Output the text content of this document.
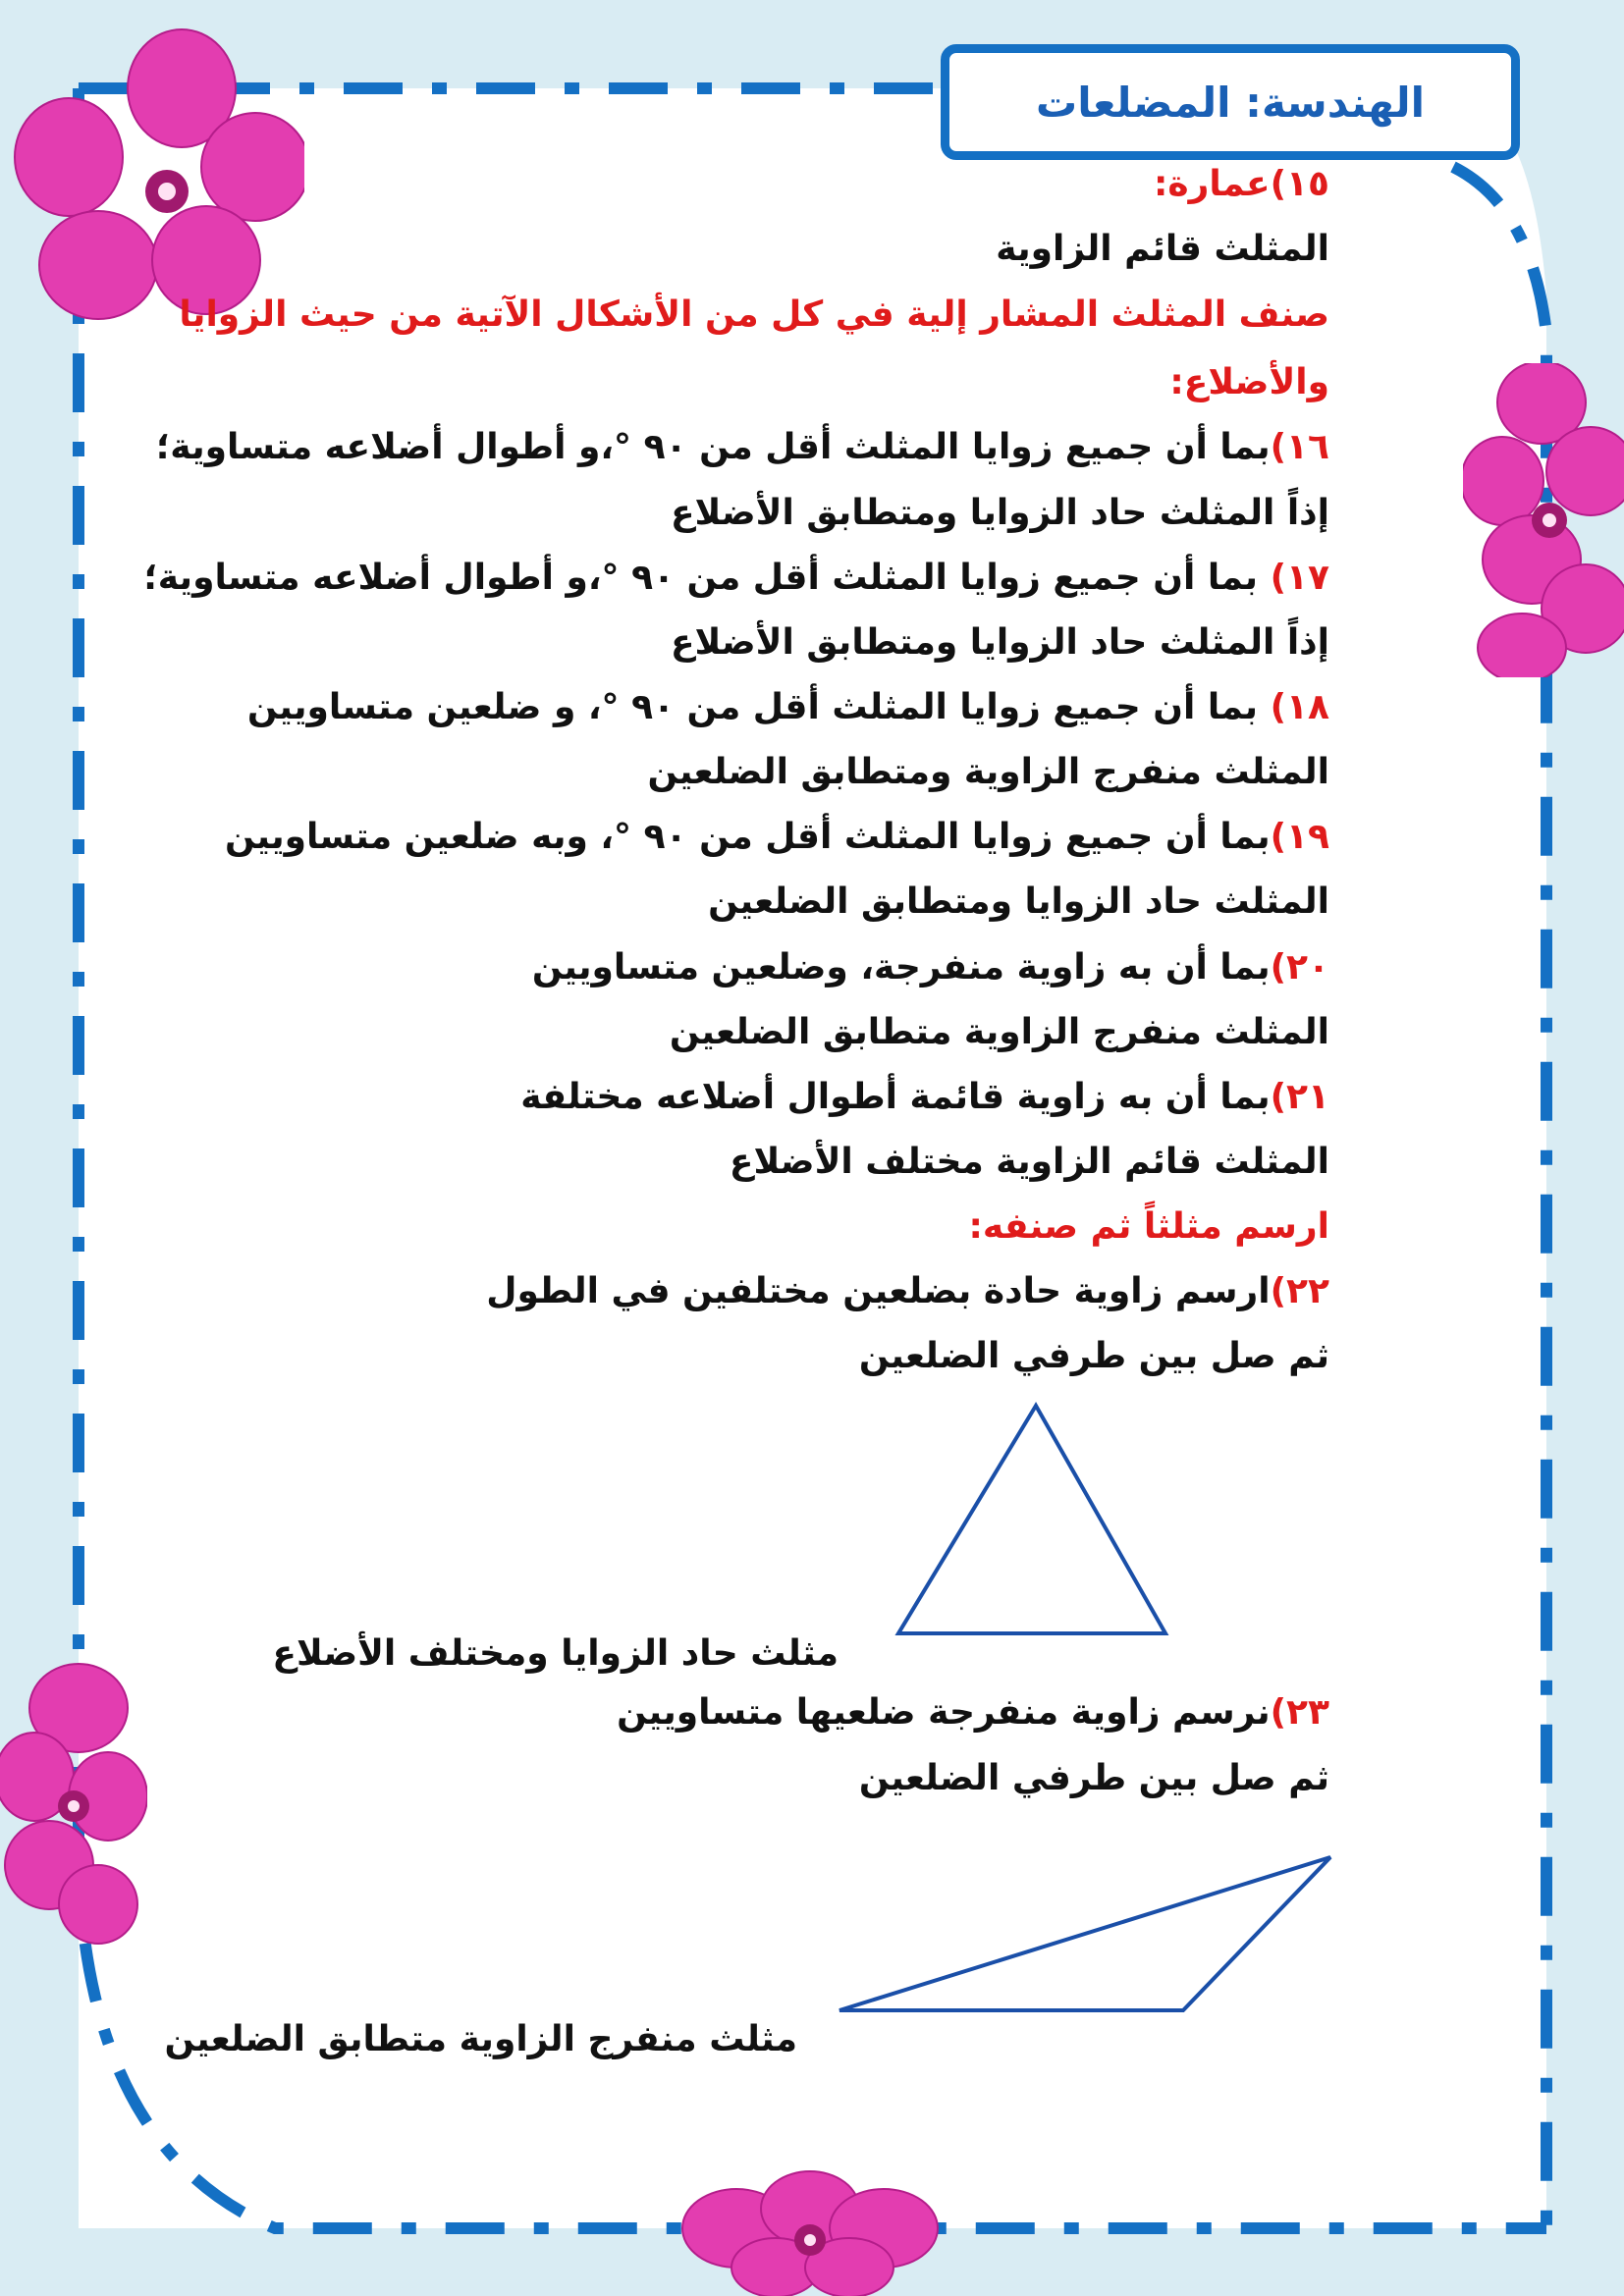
الهندسة: المضلعات
١٥)عمارة:
المثلث قائم الزاوية
صنف المثلث المشار إلية في كل من الأشكال الآتية من حيث الزوايا
والأضلاع:
١٦)بما أن جميع زوايا المثلث أقل من ٩٠ °،و أطوال أضلاعه متساوية؛
إذاً المثلث حاد الزوايا ومتطابق الأضلاع
١٧) بما أن جميع زوايا المثلث أقل من ٩٠ °،و أطوال أضلاعه متساوية؛
إذاً المثلث حاد الزوايا ومتطابق الأضلاع
١٨) بما أن جميع زوايا المثلث أقل من ٩٠ °، و ضلعين متساويين
المثلث منفرج الزاوية ومتطابق الضلعين
١٩)بما أن جميع زوايا المثلث أقل من ٩٠ °، وبه ضلعين متساويين
المثلث حاد الزوايا ومتطابق الضلعين
٢٠)بما أن به زاوية منفرجة، وضلعين متساويين
المثلث منفرج الزاوية متطابق الضلعين
٢١)بما أن به زاوية قائمة أطوال أضلاعه مختلفة
المثلث قائم الزاوية مختلف الأضلاع
ارسم مثلثاً ثم صنفه:
٢٢)ارسم زاوية حادة بضلعين مختلفين في الطول
ثم صل بين طرفي الضلعين
مثلث حاد الزوايا ومختلف الأضلاع
٢٣)نرسم زاوية منفرجة ضلعيها متساويين
ثم صل بين طرفي الضلعين
مثلث منفرج الزاوية متطابق الضلعين
